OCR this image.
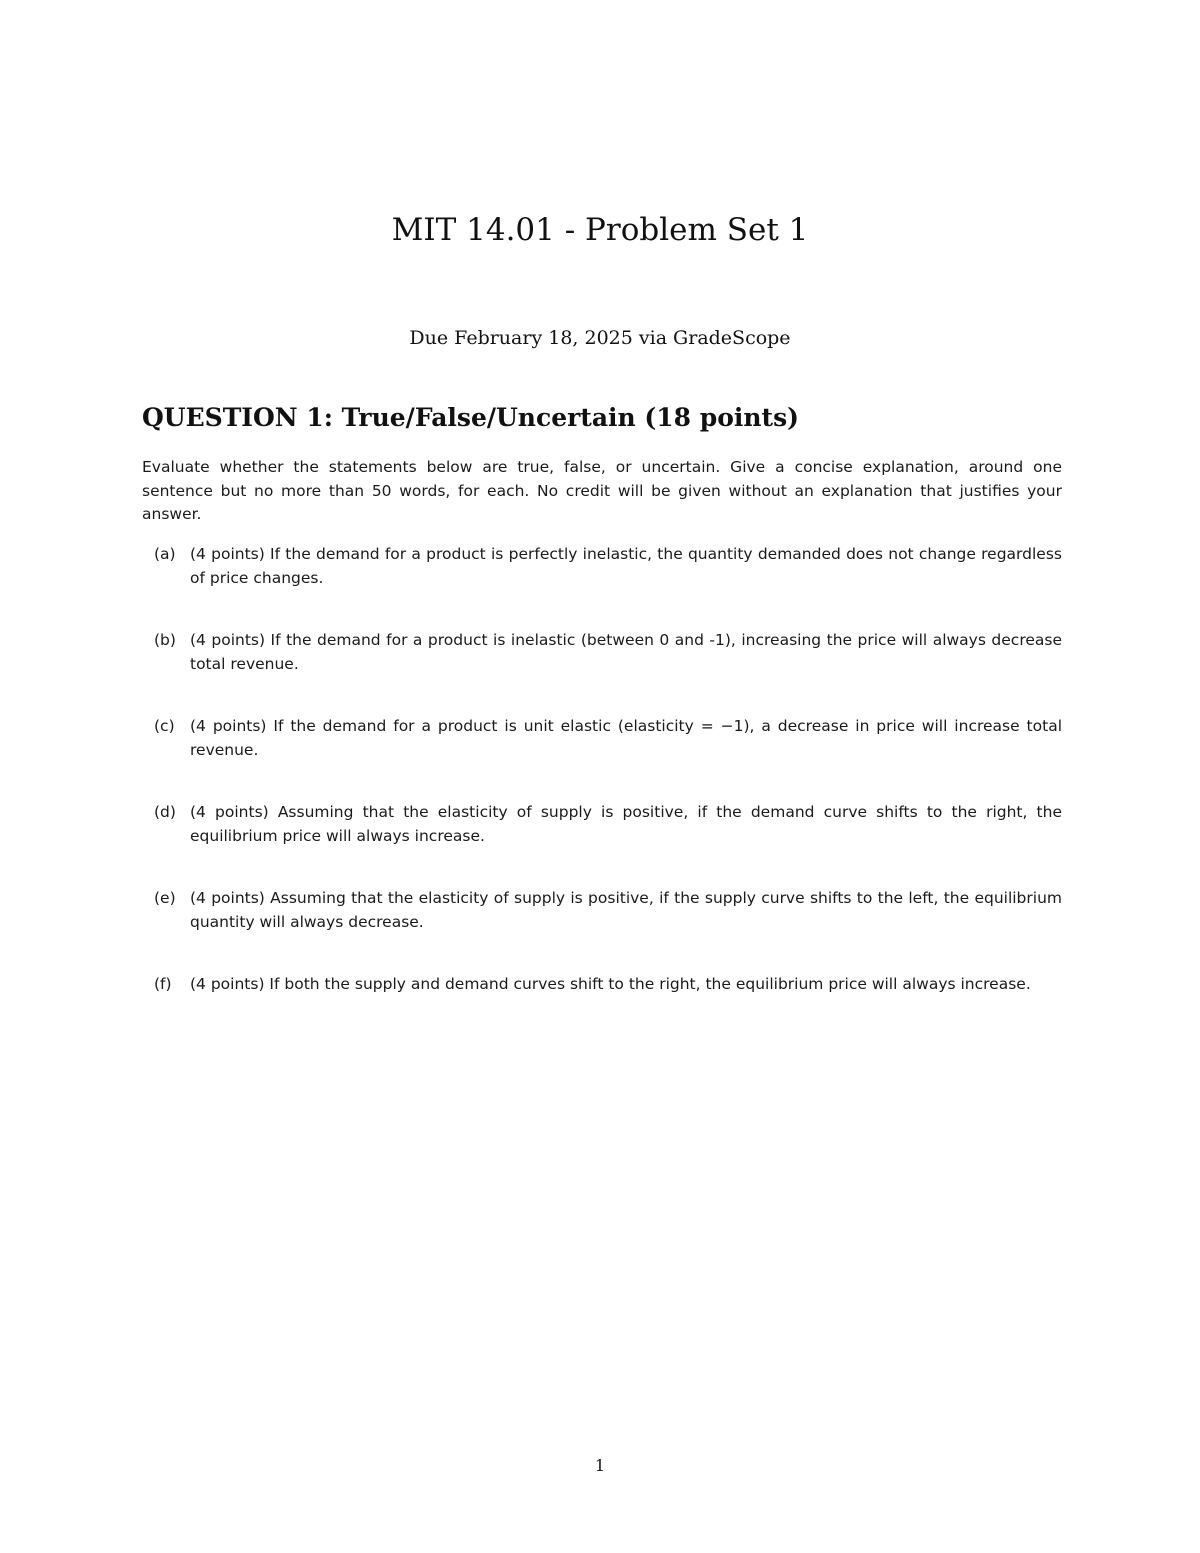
MIT 14.01 - Problem Set 1

Due February 18, 2025 via GradeScope

QUESTION 1: True/False/Uncertain (18 points)

Evaluate whether the statements below are true, false, or uncertain. Give a concise explanation, around one sentence but no more than 50 words, for each. No credit will be given without an explanation that justifies your answer.

(a) (4 points) If the demand for a product is perfectly inelastic, the quantity demanded does not change regardless of price changes.
(b) (4 points) If the demand for a product is inelastic (between 0 and -1), increasing the price will always decrease total revenue.
(c) (4 points) If the demand for a product is unit elastic (elasticity = −1), a decrease in price will increase total revenue.
(d) (4 points) Assuming that the elasticity of supply is positive, if the demand curve shifts to the right, the equilibrium price will always increase.
(e) (4 points) Assuming that the elasticity of supply is positive, if the supply curve shifts to the left, the equilibrium quantity will always decrease.
(f)	(4 points) If both the supply and demand curves shift to the right, the equilibrium price will always increase.
1
